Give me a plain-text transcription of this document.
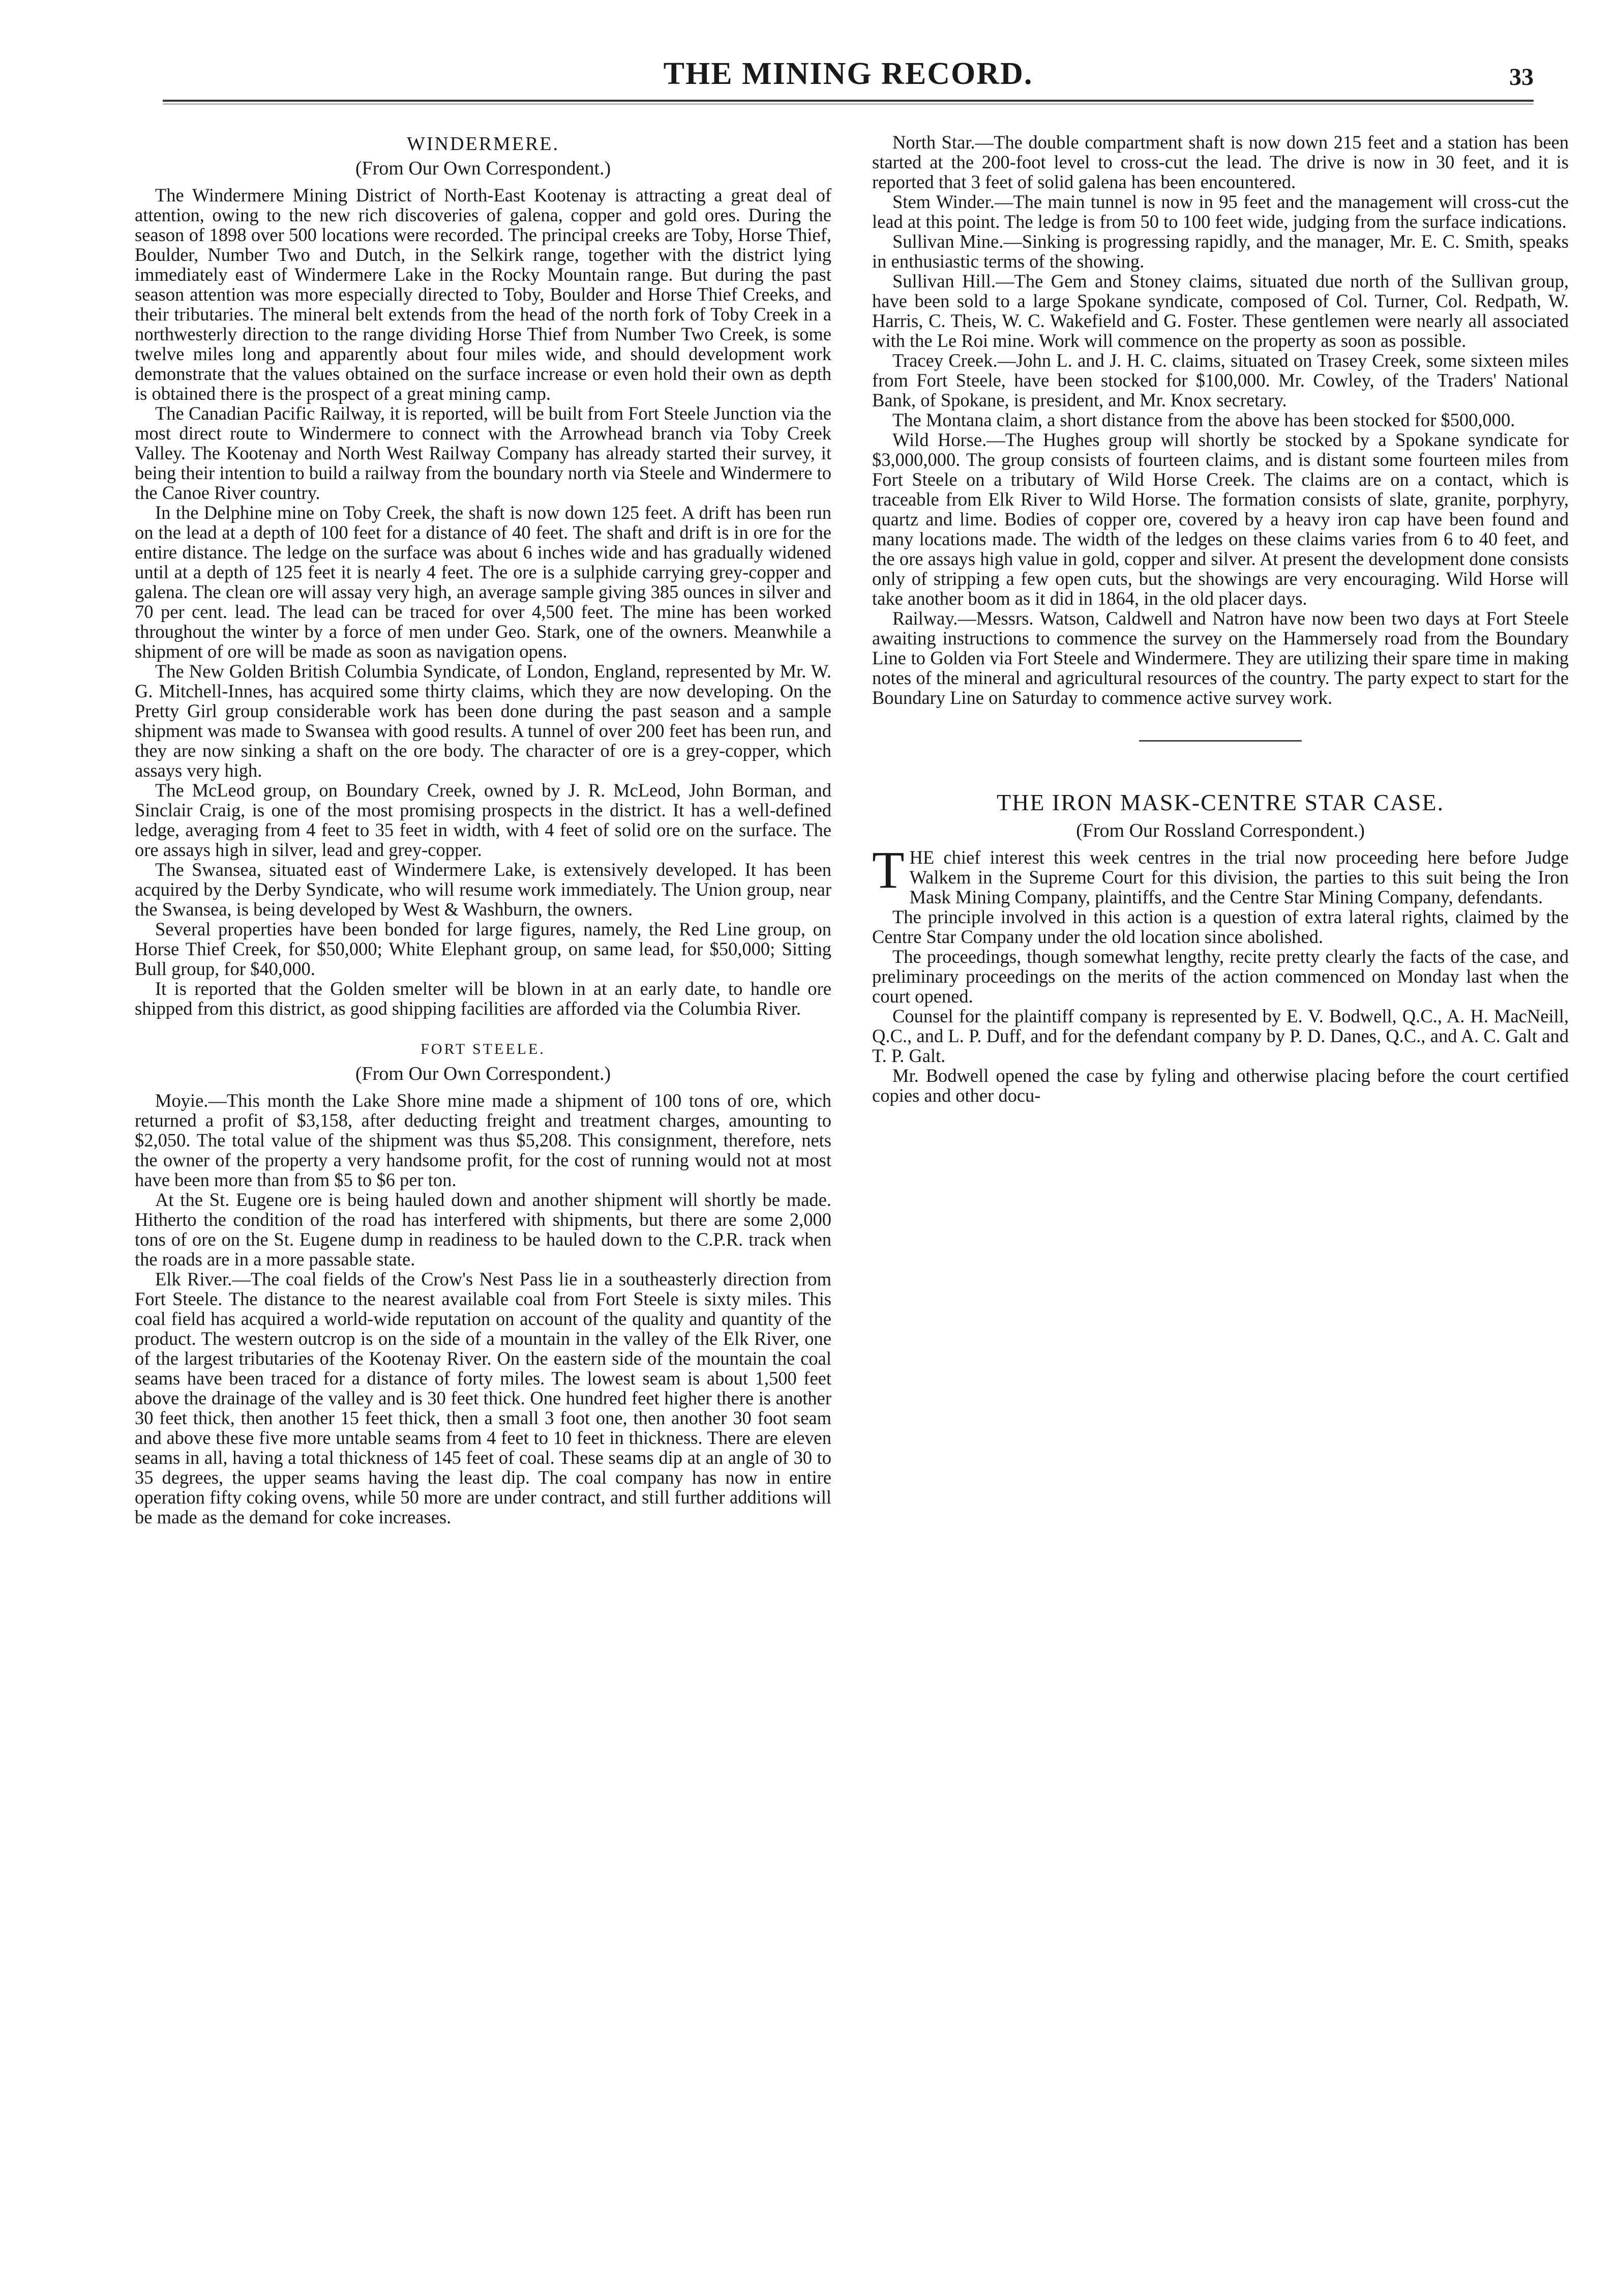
THE MINING RECORD.	33
WINDERMERE.
(From Our Own Correspondent.)

The Windermere Mining District of North-East Kootenay is attracting a great deal of attention, owing to the new rich discoveries of galena, copper and gold ores. During the season of 1898 over 500 locations were recorded. The principal creeks are Toby, Horse Thief, Boulder, Number Two and Dutch, in the Selkirk range, together with the district lying immediately east of Windermere Lake in the Rocky Mountain range. But during the past season attention was more especially directed to Toby, Boulder and Horse Thief Creeks, and their tributaries. The mineral belt extends from the head of the north fork of Toby Creek in a northwesterly direction to the range dividing Horse Thief from Number Two Creek, is some twelve miles long and apparently about four miles wide, and should development work demonstrate that the values obtained on the surface increase or even hold their own as depth is obtained there is the prospect of a great mining camp.

The Canadian Pacific Railway, it is reported, will be built from Fort Steele Junction via the most direct route to Windermere to connect with the Arrowhead branch via Toby Creek Valley. The Kootenay and North West Railway Company has already started their survey, it being their intention to build a railway from the boundary north via Steele and Windermere to the Canoe River country.

In the Delphine mine on Toby Creek, the shaft is now down 125 feet. A drift has been run on the lead at a depth of 100 feet for a distance of 40 feet. The shaft and drift is in ore for the entire distance. The ledge on the surface was about 6 inches wide and has gradually widened until at a depth of 125 feet it is nearly 4 feet. The ore is a sulphide carrying grey-copper and galena. The clean ore will assay very high, an average sample giving 385 ounces in silver and 70 per cent. lead. The lead can be traced for over 4,500 feet. The mine has been worked throughout the winter by a force of men under Geo. Stark, one of the owners. Meanwhile a shipment of ore will be made as soon as navigation opens.

The New Golden British Columbia Syndicate, of London, England, represented by Mr. W. G. Mitchell-Innes, has acquired some thirty claims, which they are now developing. On the Pretty Girl group considerable work has been done during the past season and a sample shipment was made to Swansea with good results. A tunnel of over 200 feet has been run, and they are now sinking a shaft on the ore body. The character of ore is a grey-copper, which assays very high.

The McLeod group, on Boundary Creek, owned by J. R. McLeod, John Borman, and Sinclair Craig, is one of the most promising prospects in the district. It has a well-defined ledge, averaging from 4 feet to 35 feet in width, with 4 feet of solid ore on the surface. The ore assays high in silver, lead and grey-copper.

The Swansea, situated east of Windermere Lake, is extensively developed. It has been acquired by the Derby Syndicate, who will resume work immediately. The Union group, near the Swansea, is being developed by West & Washburn, the owners.

Several properties have been bonded for large figures, namely, the Red Line group, on Horse Thief Creek, for $50,000; White Elephant group, on same lead, for $50,000; Sitting Bull group, for $40,000.

It is reported that the Golden smelter will be blown in at an early date, to handle ore shipped from this district, as good shipping facilities are afforded via the Columbia River.

FORT STEELE.
(From Our Own Correspondent.)

Moyie.—This month the Lake Shore mine made a shipment of 100 tons of ore, which returned a profit of $3,158, after deducting freight and treatment charges, amounting to $2,050. The total value of the shipment was thus $5,208. This consignment, therefore, nets the owner of the property a very handsome profit, for the cost of running would not at most have been more than from $5 to $6 per ton.

At the St. Eugene ore is being hauled down and another shipment will shortly be made. Hitherto the condition of the road has interfered with shipments, but there are some 2,000 tons of ore on the St. Eugene dump in readiness to be hauled down to the C.P.R. track when the roads are in a more passable state.

Elk River.—The coal fields of the Crow's Nest Pass lie in a southeasterly direction from Fort Steele. The distance to the nearest available coal from Fort Steele is sixty miles. This coal field has acquired a world-wide reputation on account of the quality and quantity of the product. The western outcrop is on the side of a mountain in the valley of the Elk River, one of the largest tributaries of the Kootenay River. On the eastern side of the mountain the coal seams have been traced for a distance of forty miles. The lowest seam is about 1,500 feet above the drainage of the valley and is 30 feet thick. One hundred feet higher there is another 30 feet thick, then another 15 feet thick, then a small 3 foot one, then another 30 foot seam and above these five more untable seams from 4 feet to 10 feet in thickness. There are eleven seams in all, having a total thickness of 145 feet of coal. These seams dip at an angle of 30 to 35 degrees, the upper seams having the least dip. The coal company has now in entire operation fifty coking ovens, while 50 more are under contract, and still further additions will be made as the demand for coke increases.

North Star.—The double compartment shaft is now down 215 feet and a station has been started at the 200-foot level to cross-cut the lead. The drive is now in 30 feet, and it is reported that 3 feet of solid galena has been encountered.

Stem Winder.—The main tunnel is now in 95 feet and the management will cross-cut the lead at this point. The ledge is from 50 to 100 feet wide, judging from the surface indications.

Sullivan Mine.—Sinking is progressing rapidly, and the manager, Mr. E. C. Smith, speaks in enthusiastic terms of the showing.

Sullivan Hill.—The Gem and Stoney claims, situated due north of the Sullivan group, have been sold to a large Spokane syndicate, composed of Col. Turner, Col. Redpath, W. Harris, C. Theis, W. C. Wakefield and G. Foster. These gentlemen were nearly all associated with the Le Roi mine. Work will commence on the property as soon as possible.

Tracey Creek.—John L. and J. H. C. claims, situated on Trasey Creek, some sixteen miles from Fort Steele, have been stocked for $100,000. Mr. Cowley, of the Traders' National Bank, of Spokane, is president, and Mr. Knox secretary.

The Montana claim, a short distance from the above has been stocked for $500,000.

Wild Horse.—The Hughes group will shortly be stocked by a Spokane syndicate for $3,000,000. The group consists of fourteen claims, and is distant some fourteen miles from Fort Steele on a tributary of Wild Horse Creek. The claims are on a contact, which is traceable from Elk River to Wild Horse. The formation consists of slate, granite, porphyry, quartz and lime. Bodies of copper ore, covered by a heavy iron cap have been found and many locations made. The width of the ledges on these claims varies from 6 to 40 feet, and the ore assays high value in gold, copper and silver. At present the development done consists only of stripping a few open cuts, but the showings are very encouraging. Wild Horse will take another boom as it did in 1864, in the old placer days.

Railway.—Messrs. Watson, Caldwell and Natron have now been two days at Fort Steele awaiting instructions to commence the survey on the Hammersely road from the Boundary Line to Golden via Fort Steele and Windermere. They are utilizing their spare time in making notes of the mineral and agricultural resources of the country. The party expect to start for the Boundary Line on Saturday to commence active survey work.

THE IRON MASK-CENTRE STAR CASE.
(From Our Rossland Correspondent.)

THE chief interest this week centres in the trial now proceeding here before Judge Walkem in the Supreme Court for this division, the parties to this suit being the Iron Mask Mining Company, plaintiffs, and the Centre Star Mining Company, defendants.

The principle involved in this action is a question of extra lateral rights, claimed by the Centre Star Company under the old location since abolished.

The proceedings, though somewhat lengthy, recite pretty clearly the facts of the case, and preliminary proceedings on the merits of the action commenced on Monday last when the court opened.

Counsel for the plaintiff company is represented by E. V. Bodwell, Q.C., A. H. MacNeill, Q.C., and L. P. Duff, and for the defendant company by P. D. Danes, Q.C., and A. C. Galt and T. P. Galt.

Mr. Bodwell opened the case by fyling and otherwise placing before the court certified copies and other docu-
